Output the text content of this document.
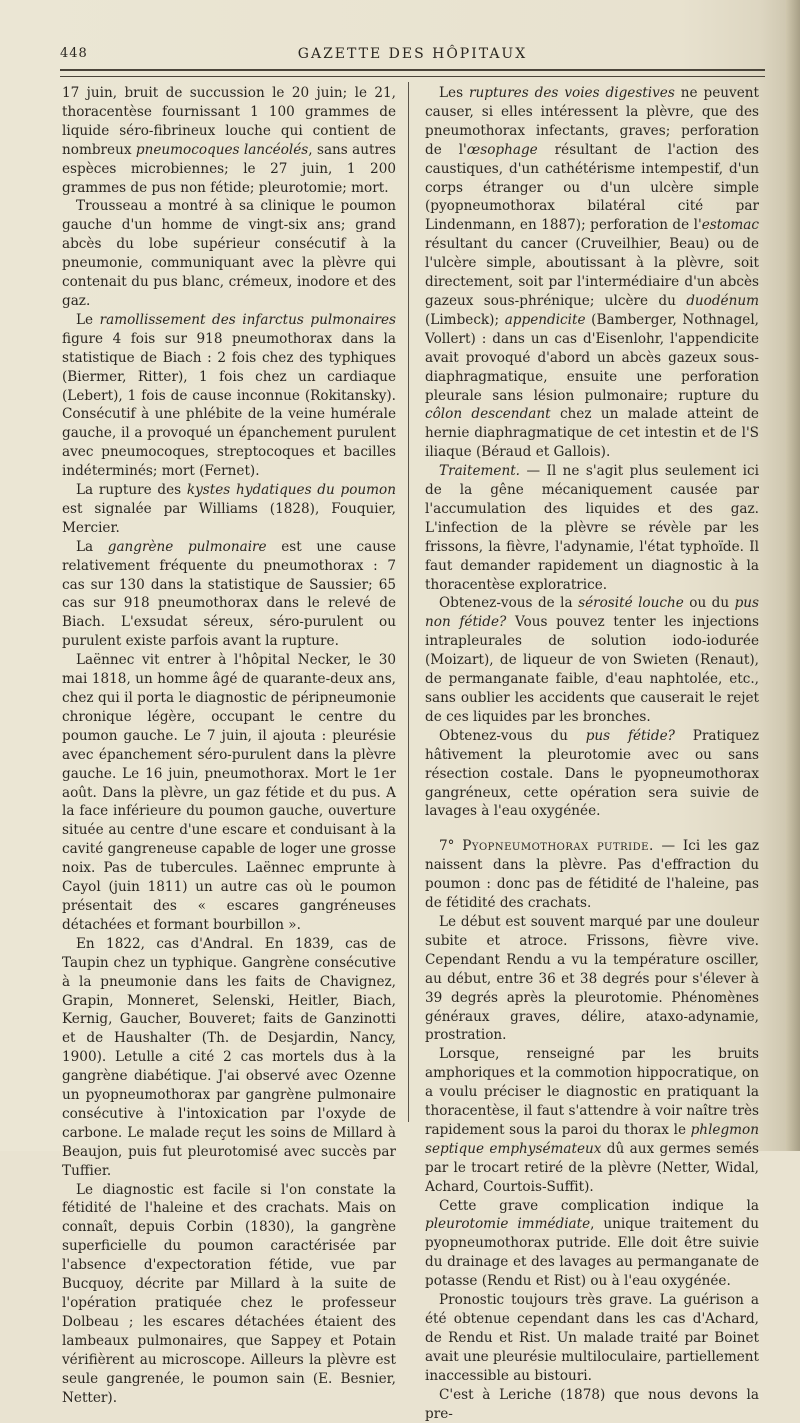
448	GAZETTE DES HÔPITAUX

17 juin, bruit de succussion le 20 juin; le 21, thoracentèse fournissant 1 100 grammes de liquide séro-fibrineux louche qui contient de nombreux pneumocoques lancéolés, sans autres espèces microbiennes; le 27 juin, 1 200 grammes de pus non fétide; pleurotomie; mort.

Trousseau a montré à sa clinique le poumon gauche d'un homme de vingt-six ans; grand abcès du lobe supérieur consécutif à la pneumonie, communiquant avec la plèvre qui contenait du pus blanc, crémeux, inodore et des gaz.

Le ramollissement des infarctus pulmonaires figure 4 fois sur 918 pneumothorax dans la statistique de Biach : 2 fois chez des typhiques (Biermer, Ritter), 1 fois chez un cardiaque (Lebert), 1 fois de cause inconnue (Rokitansky). Consécutif à une phlébite de la veine humérale gauche, il a provoqué un épanchement purulent avec pneumocoques, streptocoques et bacilles indéterminés; mort (Fernet).

La rupture des kystes hydatiques du poumon est signalée par Williams (1828), Fouquier, Mercier.

La gangrène pulmonaire est une cause relativement fréquente du pneumothorax : 7 cas sur 130 dans la statistique de Saussier; 65 cas sur 918 pneumothorax dans le relevé de Biach. L'exsudat séreux, séro-purulent ou purulent existe parfois avant la rupture.

Laënnec vit entrer à l'hôpital Necker, le 30 mai 1818, un homme âgé de quarante-deux ans, chez qui il porta le diagnostic de péripneumonie chronique légère, occupant le centre du poumon gauche. Le 7 juin, il ajouta : pleurésie avec épanchement séro-purulent dans la plèvre gauche. Le 16 juin, pneumothorax. Mort le 1er août. Dans la plèvre, un gaz fétide et du pus. A la face inférieure du poumon gauche, ouverture située au centre d'une escare et conduisant à la cavité gangreneuse capable de loger une grosse noix. Pas de tubercules. Laënnec emprunte à Cayol (juin 1811) un autre cas où le poumon présentait des « escares gangréneuses détachées et formant bourbillon ».

En 1822, cas d'Andral. En 1839, cas de Taupin chez un typhique. Gangrène consécutive à la pneumonie dans les faits de Chavignez, Grapin, Monneret, Selenski, Heitler, Biach, Kernig, Gaucher, Bouveret; faits de Ganzinotti et de Haushalter (Th. de Desjardin, Nancy, 1900). Letulle a cité 2 cas mortels dus à la gangrène diabétique. J'ai observé avec Ozenne un pyopneumothorax par gangrène pulmonaire consécutive à l'intoxication par l'oxyde de carbone. Le malade reçut les soins de Millard à Beaujon, puis fut pleurotomisé avec succès par Tuffier.

Le diagnostic est facile si l'on constate la fétidité de l'haleine et des crachats. Mais on connaît, depuis Corbin (1830), la gangrène superficielle du poumon caractérisée par l'absence d'expectoration fétide, vue par Bucquoy, décrite par Millard à la suite de l'opération pratiquée chez le professeur Dolbeau ; les escares détachées étaient des lambeaux pulmonaires, que Sappey et Potain vérifièrent au microscope. Ailleurs la plèvre est seule gangrenée, le poumon sain (E. Besnier, Netter).

Les ruptures des voies digestives ne peuvent causer, si elles intéressent la plèvre, que des pneumothorax infectants, graves; perforation de l'œsophage résultant de l'action des caustiques, d'un cathétérisme intempestif, d'un corps étranger ou d'un ulcère simple (pyopneumothorax bilatéral cité par Lindenmann, en 1887); perforation de l'estomac résultant du cancer (Cruveilhier, Beau) ou de l'ulcère simple, aboutissant à la plèvre, soit directement, soit par l'intermédiaire d'un abcès gazeux sous-phrénique; ulcère du duodénum (Limbeck); appendicite (Bamberger, Nothnagel, Vollert) : dans un cas d'Eisenlohr, l'appendicite avait provoqué d'abord un abcès gazeux sous-diaphragmatique, ensuite une perforation pleurale sans lésion pulmonaire; rupture du côlon descendant chez un malade atteint de hernie diaphragmatique de cet intestin et de l'S iliaque (Béraud et Gallois).

Traitement. — Il ne s'agit plus seulement ici de la gêne mécaniquement causée par l'accumulation des liquides et des gaz. L'infection de la plèvre se révèle par les frissons, la fièvre, l'adynamie, l'état typhoïde. Il faut demander rapidement un diagnostic à la thoracentèse exploratrice.

Obtenez-vous de la sérosité louche ou du pus non fétide? Vous pouvez tenter les injections intrapleurales de solution iodo-iodurée (Moizart), de liqueur de von Swieten (Renaut), de permanganate faible, d'eau naphtolée, etc., sans oublier les accidents que causerait le rejet de ces liquides par les bronches.

Obtenez-vous du pus fétide? Pratiquez hâtivement la pleurotomie avec ou sans résection costale. Dans le pyopneumothorax gangréneux, cette opération sera suivie de lavages à l'eau oxygénée.

7° Pyopneumothorax putride. — Ici les gaz naissent dans la plèvre. Pas d'effraction du poumon : donc pas de fétidité de l'haleine, pas de fétidité des crachats.

Le début est souvent marqué par une douleur subite et atroce. Frissons, fièvre vive. Cependant Rendu a vu la température osciller, au début, entre 36 et 38 degrés pour s'élever à 39 degrés après la pleurotomie. Phénomènes généraux graves, délire, ataxo-adynamie, prostration.

Lorsque, renseigné par les bruits amphoriques et la commotion hippocratique, on a voulu préciser le diagnostic en pratiquant la thoracentèse, il faut s'attendre à voir naître très rapidement sous la paroi du thorax le phlegmon septique emphysémateux dû aux germes semés par le trocart retiré de la plèvre (Netter, Widal, Achard, Courtois-Suffit).

Cette grave complication indique la pleurotomie immédiate, unique traitement du pyopneumothorax putride. Elle doit être suivie du drainage et des lavages au permanganate de potasse (Rendu et Rist) ou à l'eau oxygénée.

Pronostic toujours très grave. La guérison a été obtenue cependant dans les cas d'Achard, de Rendu et Rist. Un malade traité par Boinet avait une pleurésie multiloculaire, partiellement inaccessible au bistouri.

C'est à Leriche (1878) que nous devons la pre-
